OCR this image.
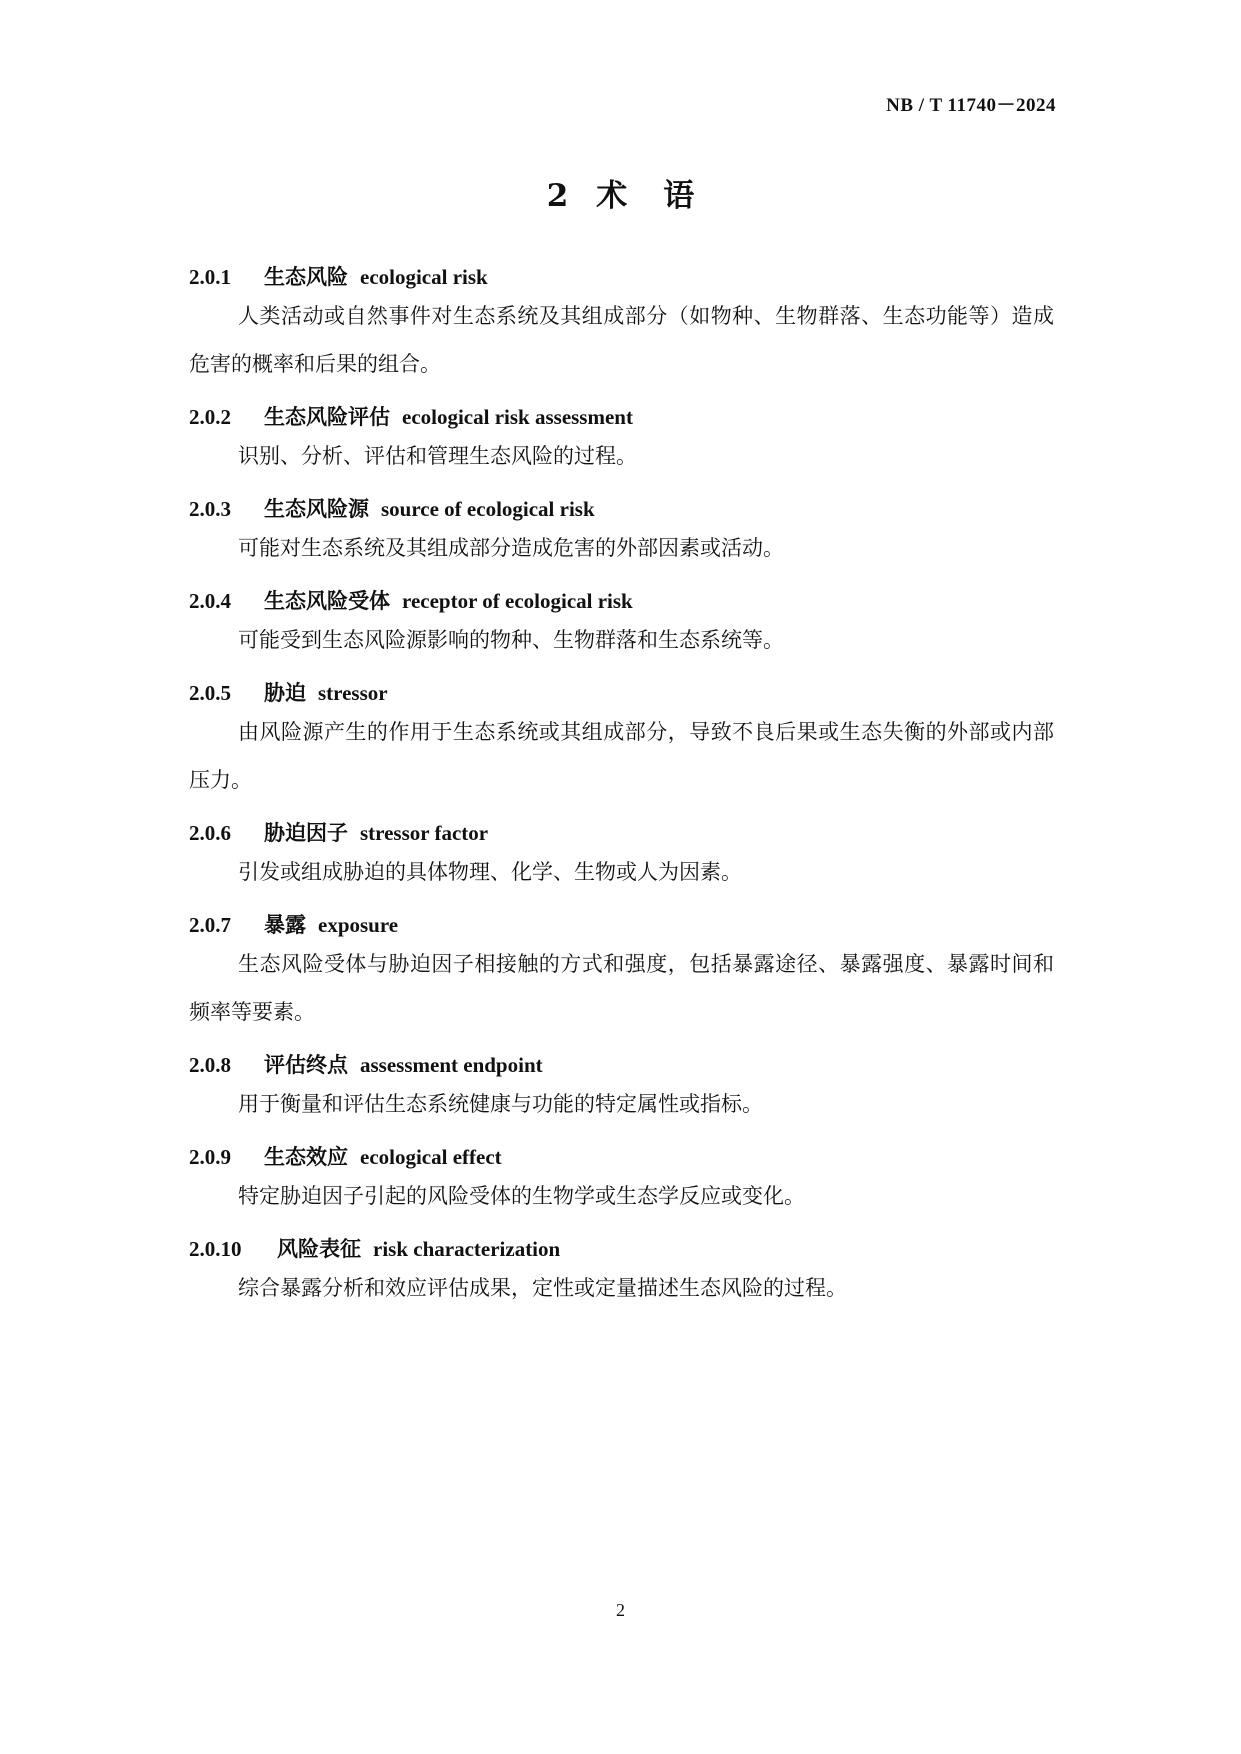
NB / T 11740－2024
2 术 语
2.0.1 生态风险 ecological risk

人类活动或自然事件对生态系统及其组成部分（如物种、生物群落、生态功能等）造成危害的概率和后果的组合。

2.0.2 生态风险评估 ecological risk assessment

识别、分析、评估和管理生态风险的过程。

2.0.3 生态风险源 source of ecological risk

可能对生态系统及其组成部分造成危害的外部因素或活动。

2.0.4 生态风险受体 receptor of ecological risk

可能受到生态风险源影响的物种、生物群落和生态系统等。

2.0.5 胁迫 stressor

由风险源产生的作用于生态系统或其组成部分，导致不良后果或生态失衡的外部或内部压力。

2.0.6 胁迫因子 stressor factor

引发或组成胁迫的具体物理、化学、生物或人为因素。

2.0.7 暴露 exposure

生态风险受体与胁迫因子相接触的方式和强度，包括暴露途径、暴露强度、暴露时间和频率等要素。

2.0.8 评估终点 assessment endpoint

用于衡量和评估生态系统健康与功能的特定属性或指标。

2.0.9 生态效应 ecological effect

特定胁迫因子引起的风险受体的生物学或生态学反应或变化。

2.0.10 风险表征 risk characterization

综合暴露分析和效应评估成果，定性或定量描述生态风险的过程。

2
